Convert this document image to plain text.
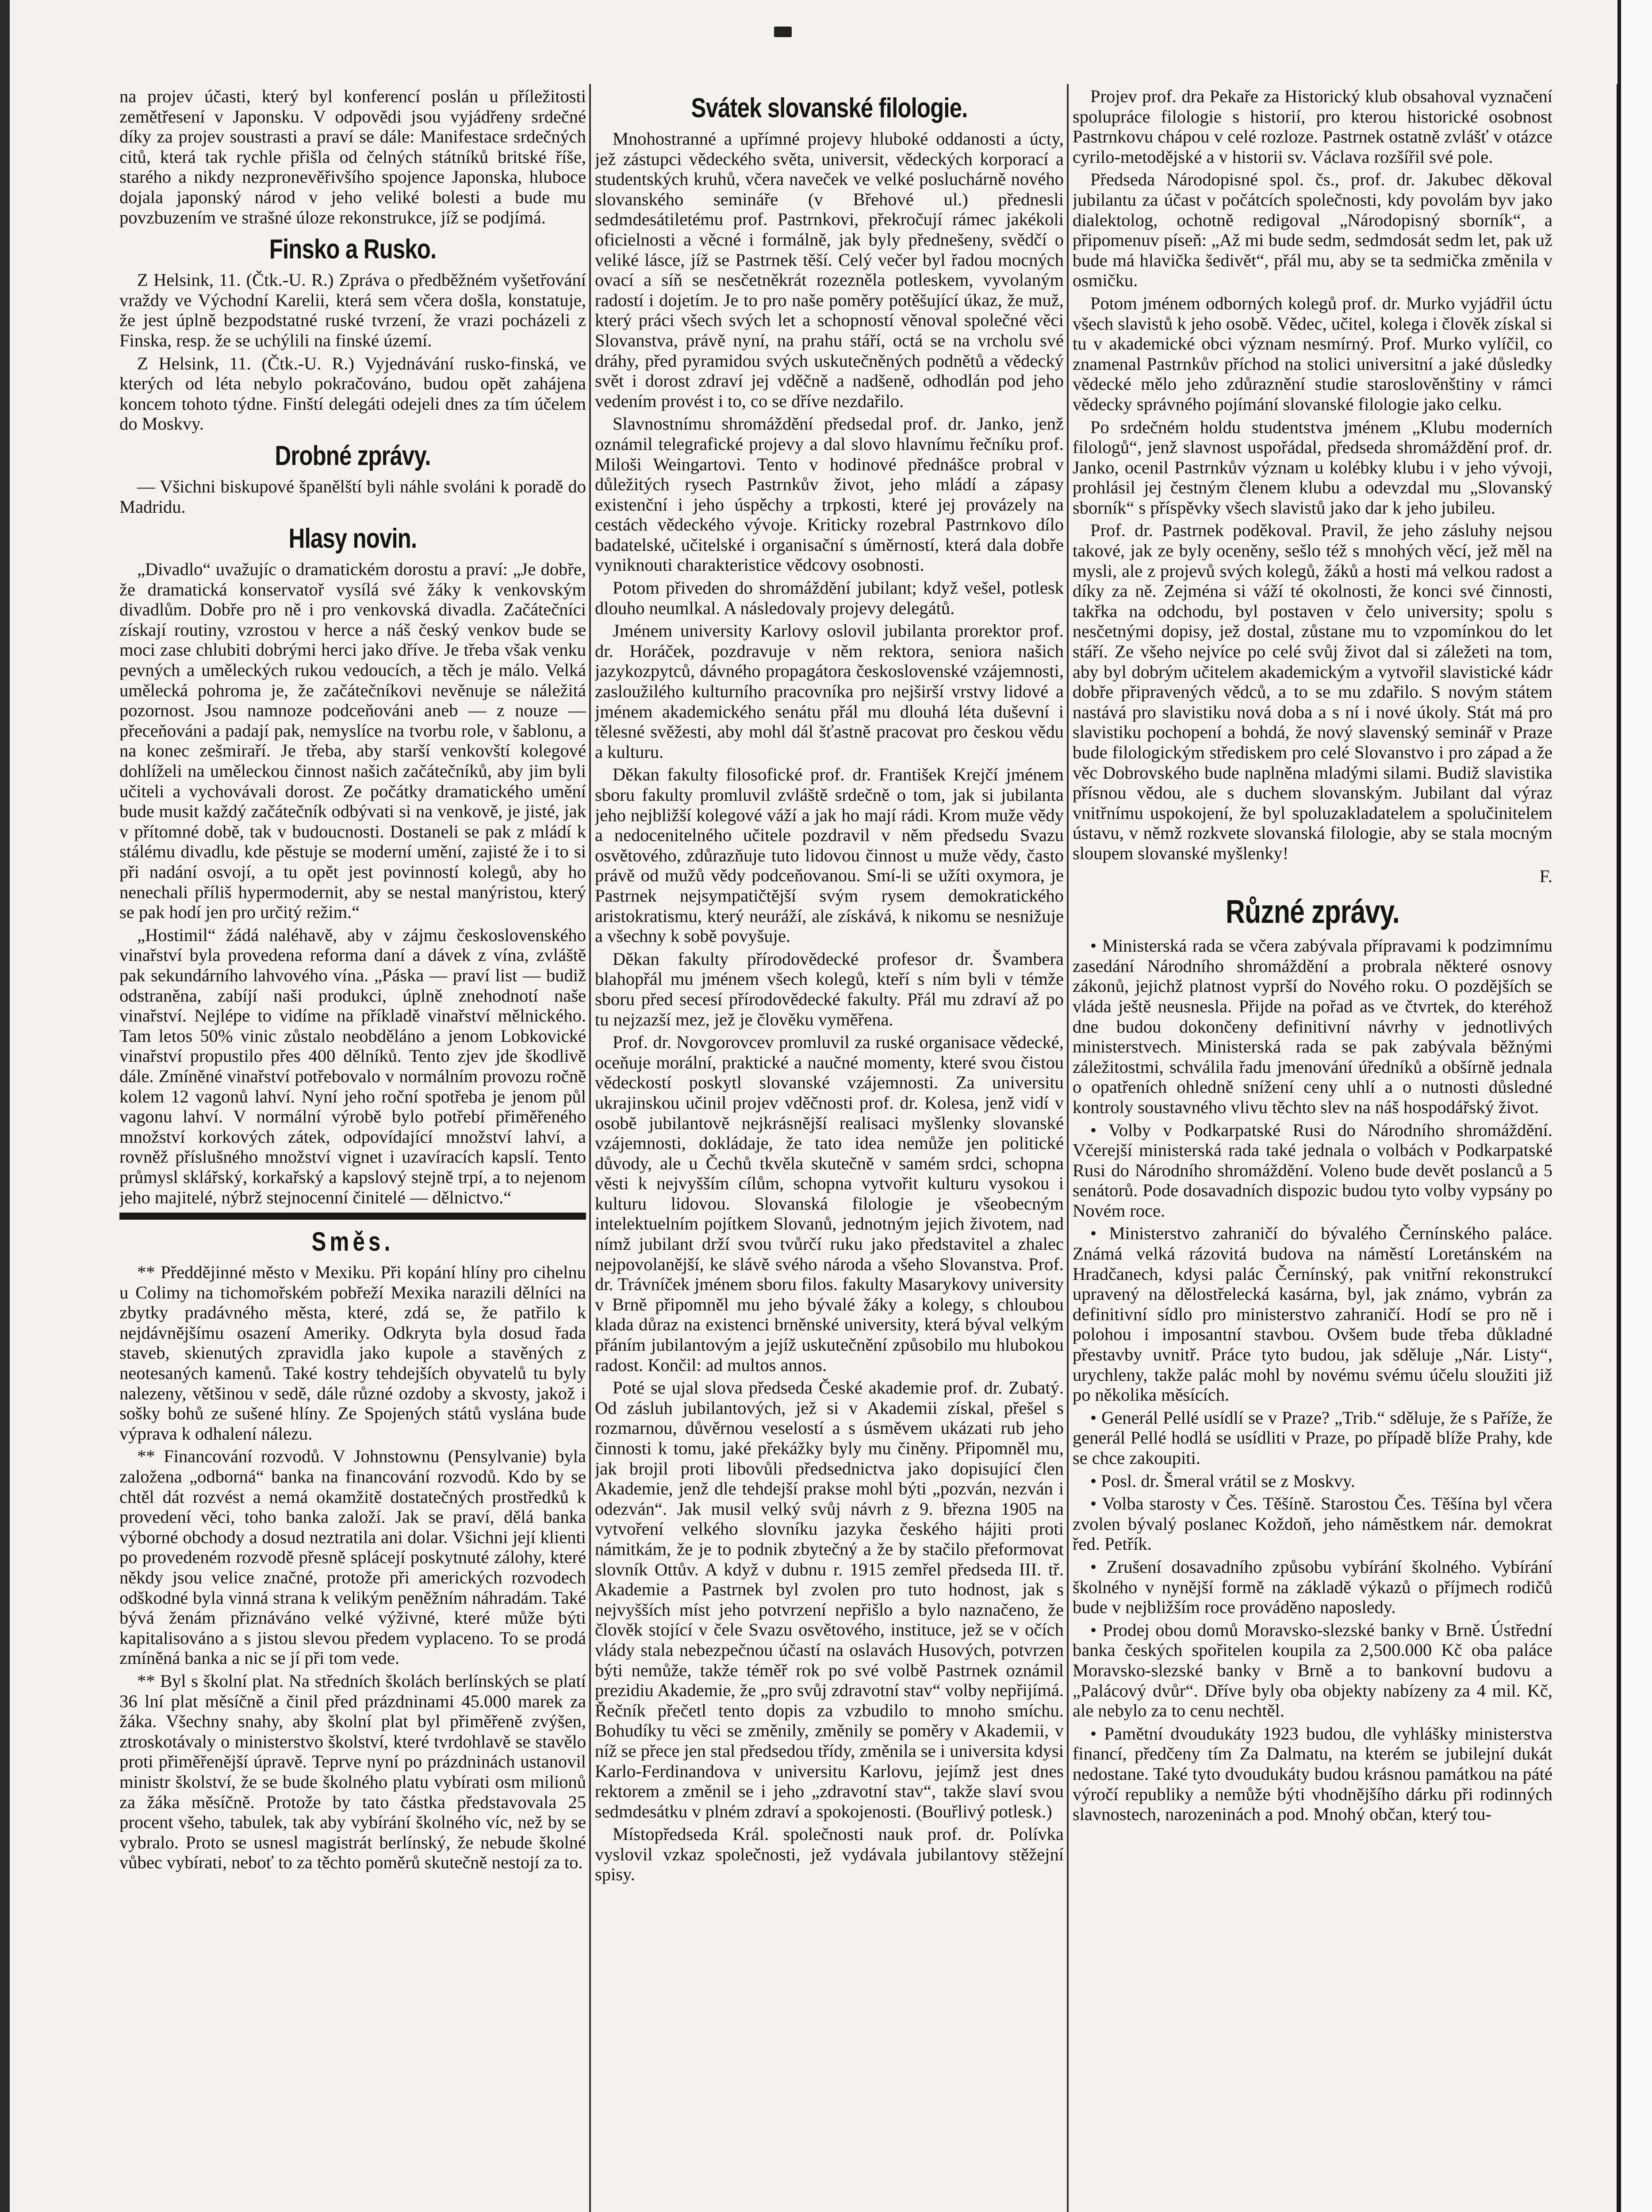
na projev účasti, který byl konferencí poslán u příležitosti zemětřesení v Japonsku. V odpovědi jsou vyjádřeny srdečné díky za projev soustrasti a praví se dále: Manifestace srdečných citů, která tak rychle přišla od čelných státníků britské říše, starého a nikdy nezpronevěřivšího spojence Japonska, hluboce dojala japonský národ v jeho veliké bolesti a bude mu povzbuzením ve strašné úloze rekonstrukce, jíž se podjímá.

Finsko a Rusko.

Z Helsink, 11. (Čtk.-U. R.) Zpráva o předběžném vyšetřování vraždy ve Východní Karelii, která sem včera došla, konstatuje, že jest úplně bezpodstatné ruské tvrzení, že vrazi pocházeli z Finska, resp. že se uchýlili na finské území.

Z Helsink, 11. (Čtk.-U. R.) Vyjednávání rusko-finská, ve kterých od léta nebylo pokračováno, budou opět zahájena koncem tohoto týdne. Finští delegáti odejeli dnes za tím účelem do Moskvy.

Drobné zprávy.

— Všichni biskupové španělští byli náhle svoláni k poradě do Madridu.

Hlasy novin.

„Divadlo“ uvažujíc o dramatickém dorostu a praví: „Je dobře, že dramatická konservatoř vysílá své žáky k venkovským divadlům. Dobře pro ně i pro venkovská divadla. Začátečníci získají routiny, vzrostou v herce a náš český venkov bude se moci zase chlubiti dobrými herci jako dříve. Je třeba však venku pevných a uměleckých rukou vedoucích, a těch je málo. Velká umělecká pohroma je, že začátečníkovi nevěnuje se náležitá pozornost. Jsou namnoze podceňováni aneb — z nouze — přeceňováni a padají pak, nemyslíce na tvorbu role, v šablonu, a na konec zešmiraří. Je třeba, aby starší venkovští kolegové dohlíželi na uměleckou činnost našich začátečníků, aby jim byli učiteli a vychovávali dorost. Ze počátky dramatického umění bude musit každý začátečník odbývati si na venkově, je jisté, jak v přítomné době, tak v budoucnosti. Dostaneli se pak z mládí k stálému divadlu, kde pěstuje se moderní umění, zajisté že i to si při nadání osvojí, a tu opět jest povinností kolegů, aby ho nenechali příliš hypermodernit, aby se nestal manýristou, který se pak hodí jen pro určitý režim.“

„Hostimil“ žádá naléhavě, aby v zájmu československého vinařství byla provedena reforma daní a dávek z vína, zvláště pak sekundárního lahvového vína. „Páska — praví list — budiž odstraněna, zabíjí naši produkci, úplně znehodnotí naše vinařství. Nejlépe to vidíme na příkladě vinařství mělnického. Tam letos 50% vinic zůstalo neobděláno a jenom Lobkovické vinařství propustilo přes 400 dělníků. Tento zjev jde škodlivě dále. Zmíněné vinařství potřebovalo v normálním provozu ročně kolem 12 vagonů lahví. Nyní jeho roční spotřeba je jenom půl vagonu lahví. V normální výrobě bylo potřebí přiměřeného množství korkových zátek, odpovídající množství lahví, a rovněž příslušného množství vignet i uzavíracích kapslí. Tento průmysl sklářský, korkařský a kapslový stejně trpí, a to nejenom jeho majitelé, nýbrž stejnocenní činitelé — dělnictvo.“

Směs.

** Předdějinné město v Mexiku. Při kopání hlíny pro cihelnu u Colimy na tichomořském pobřeží Mexika narazili dělníci na zbytky pradávného města, které, zdá se, že patřilo k nejdávnějšímu osazení Ameriky. Odkryta byla dosud řada staveb, skienutých zpravidla jako kupole a stavěných z neotesaných kamenů. Také kostry tehdejších obyvatelů tu byly nalezeny, většinou v sedě, dále různé ozdoby a skvosty, jakož i sošky bohů ze sušené hlíny. Ze Spojených států vyslána bude výprava k odhalení nálezu.

** Financování rozvodů. V Johnstownu (Pensylvanie) byla založena „odborná“ banka na financování rozvodů. Kdo by se chtěl dát rozvést a nemá okamžitě dostatečných prostředků k provedení věci, toho banka založí. Jak se praví, dělá banka výborné obchody a dosud neztratila ani dolar. Všichni její klienti po provedeném rozvodě přesně splácejí poskytnuté zálohy, které někdy jsou velice značné, protože při amerických rozvodech odškodné byla vinná strana k velikým peněžním náhradám. Také bývá ženám přiznáváno velké výživné, které může býti kapitalisováno a s jistou slevou předem vyplaceno. To se prodá zmíněná banka a nic se jí při tom vede.

** Byl s školní plat. Na středních školách berlínských se platí 36 lní plat měsíčně a činil před prázdninami 45.000 marek za žáka. Všechny snahy, aby školní plat byl přiměřeně zvýšen, ztroskotávaly o ministerstvo školství, které tvrdohlavě se stavělo proti přiměřenější úpravě. Teprve nyní po prázdninách ustanovil ministr školství, že se bude školného platu vybírati osm milionů za žáka měsíčně. Protože by tato částka představovala 25 procent všeho, tabulek, tak aby vybírání školného víc, než by se vybralo. Proto se usnesl magistrát berlínský, že nebude školné vůbec vybírati, neboť to za těchto poměrů skutečně nestojí za to.

Svátek slovanské filologie.

Mnohostranné a upřímné projevy hluboké oddanosti a úcty, jež zástupci vědeckého světa, universit, vědeckých korporací a studentských kruhů, včera naveček ve velké posluchárně nového slovanského semináře (v Břehové ul.) přednesli sedmdesátiletému prof. Pastrnkovi, překročují rámec jakékoli oficielnosti a věcné i formálně, jak byly přednešeny, svědčí o veliké lásce, jíž se Pastrnek těší. Celý večer byl řadou mocných ovací a síň se nesčetněkrát rozezněla potleskem, vyvolaným radostí i dojetím. Je to pro naše poměry potěšující úkaz, že muž, který práci všech svých let a schopností věnoval společné věci Slovanstva, právě nyní, na prahu stáří, octá se na vrcholu své dráhy, před pyramidou svých uskutečněných podnětů a vědecký svět i dorost zdraví jej vděčně a nadšeně, odhodlán pod jeho vedením provést i to, co se dříve nezdařilo.

Slavnostnímu shromáždění předsedal prof. dr. Janko, jenž oznámil telegrafické projevy a dal slovo hlavnímu řečníku prof. Miloši Weingartovi. Tento v hodinové přednášce probral v důležitých rysech Pastrnkův život, jeho mládí a zápasy existenční i jeho úspěchy a trpkosti, které jej provázely na cestách vědeckého vývoje. Kriticky rozebral Pastrnkovo dílo badatelské, učitelské i organisační s úměrností, která dala dobře vyniknouti charakteristice vědcovy osobnosti.

Potom přiveden do shromáždění jubilant; když vešel, potlesk dlouho neumlkal. A následovaly projevy delegátů.

Jménem university Karlovy oslovil jubilanta prorektor prof. dr. Horáček, pozdravuje v něm rektora, seniora našich jazykozpytců, dávného propagátora československé vzájemnosti, zasloužilého kulturního pracovníka pro nejširší vrstvy lidové a jménem akademického senátu přál mu dlouhá léta duševní i tělesné svěžesti, aby mohl dál šťastně pracovat pro českou vědu a kulturu.

Děkan fakulty filosofické prof. dr. František Krejčí jménem sboru fakulty promluvil zvláště srdečně o tom, jak si jubilanta jeho nejbližší kolegové váží a jak ho mají rádi. Krom muže vědy a nedocenitelného učitele pozdravil v něm předsedu Svazu osvětového, zdůrazňuje tuto lidovou činnost u muže vědy, často právě od mužů vědy podceňovanou. Smí-li se užíti oxymora, je Pastrnek nejsympatičtější svým rysem demokratického aristokratismu, který neuráží, ale získává, k nikomu se nesnižuje a všechny k sobě povyšuje.

Děkan fakulty přírodovědecké profesor dr. Švambera blahopřál mu jménem všech kolegů, kteří s ním byli v témže sboru před secesí přírodovědecké fakulty. Přál mu zdraví až po tu nejzazší mez, jež je člověku vyměřena.

Prof. dr. Novgorovcev promluvil za ruské organisace vědecké, oceňuje morální, praktické a naučné momenty, které svou čistou vědeckostí poskytl slovanské vzájemnosti. Za universitu ukrajinskou učinil projev vděčnosti prof. dr. Kolesa, jenž vidí v osobě jubilantově nejkrásnější realisaci myšlenky slovanské vzájemnosti, dokládaje, že tato idea nemůže jen politické důvody, ale u Čechů tkvěla skutečně v samém srdci, schopna věsti k nejvyšším cílům, schopna vytvořit kulturu vysokou i kulturu lidovou. Slovanská filologie je všeobecným intelektuelním pojítkem Slovanů, jednotným jejich životem, nad nímž jubilant drží svou tvůrčí ruku jako představitel a zhalec nejpovolanější, ke slávě svého národa a všeho Slovanstva. Prof. dr. Trávníček jménem sboru filos. fakulty Masarykovy university v Brně připomněl mu jeho bývalé žáky a kolegy, s chloubou klada důraz na existenci brněnské university, která býval velkým přáním jubilantovým a jejíž uskutečnění způsobilo mu hlubokou radost. Končil: ad multos annos.

Poté se ujal slova předseda České akademie prof. dr. Zubatý. Od zásluh jubilantových, jež si v Akademii získal, přešel s rozmarnou, důvěrnou veselostí a s úsměvem ukázati rub jeho činnosti k tomu, jaké překážky byly mu činěny. Připomněl mu, jak brojil proti libovůli předsednictva jako dopisující člen Akademie, jenž dle tehdejší prakse mohl býti „pozván, nezván i odezván“. Jak musil velký svůj návrh z 9. března 1905 na vytvoření velkého slovníku jazyka českého hájiti proti námitkám, že je to podnik zbytečný a že by stačilo přeformovat slovník Ottův. A když v dubnu r. 1915 zemřel předseda III. tř. Akademie a Pastrnek byl zvolen pro tuto hodnost, jak s nejvyšších míst jeho potvrzení nepřišlo a bylo naznačeno, že člověk stojící v čele Svazu osvětového, instituce, jež se v očích vlády stala nebezpečnou účastí na oslavách Husových, potvrzen býti nemůže, takže téměř rok po své volbě Pastrnek oznámil prezidiu Akademie, že „pro svůj zdravotní stav“ volby nepřijímá. Řečník přečetl tento dopis za vzbudilo to mnoho smíchu. Bohudíky tu věci se změnily, změnily se poměry v Akademii, v níž se přece jen stal předsedou třídy, změnila se i universita kdysi Karlo-Ferdinandova v universitu Karlovu, jejímž jest dnes rektorem a změnil se i jeho „zdravotní stav“, takže slaví svou sedmdesátku v plném zdraví a spokojenosti. (Bouřlivý potlesk.)

Místopředseda Král. společnosti nauk prof. dr. Polívka vyslovil vzkaz společnosti, jež vydávala jubilantovy stěžejní spisy.

Projev prof. dra Pekaře za Historický klub obsahoval vyznačení spolupráce filologie s historií, pro kterou historické osobnost Pastrnkovu chápou v celé rozloze. Pastrnek ostatně zvlášť v otázce cyrilo-metodějské a v historii sv. Václava rozšířil své pole.

Předseda Národopisné spol. čs., prof. dr. Jakubec děkoval jubilantu za účast v počátcích společnosti, kdy povolám byv jako dialektolog, ochotně redigoval „Národopisný sborník“, a připomenuv píseň: „Až mi bude sedm, sedmdosát sedm let, pak už bude má hlavička šedivět“, přál mu, aby se ta sedmička změnila v osmičku.

Potom jménem odborných kolegů prof. dr. Murko vyjádřil úctu všech slavistů k jeho osobě. Vědec, učitel, kolega i člověk získal si tu v akademické obci význam nesmírný. Prof. Murko vylíčil, co znamenal Pastrnkův příchod na stolici universitní a jaké důsledky vědecké mělo jeho zdůraznění studie staroslověnštiny v rámci vědecky správného pojímání slovanské filologie jako celku.

Po srdečném holdu studentstva jménem „Klubu moderních filologů“, jenž slavnost uspořádal, předseda shromáždění prof. dr. Janko, ocenil Pastrnkův význam u kolébky klubu i v jeho vývoji, prohlásil jej čestným členem klubu a odevzdal mu „Slovanský sborník“ s příspěvky všech slavistů jako dar k jeho jubileu.

Prof. dr. Pastrnek poděkoval. Pravil, že jeho zásluhy nejsou takové, jak ze byly oceněny, sešlo též s mnohých věcí, jež měl na mysli, ale z projevů svých kolegů, žáků a hosti má velkou radost a díky za ně. Zejména si váží té okolnosti, že konci své činnosti, takřka na odchodu, byl postaven v čelo university; spolu s nesčetnými dopisy, jež dostal, zůstane mu to vzpomínkou do let stáří. Ze všeho nejvíce po celé svůj život dal si záležeti na tom, aby byl dobrým učitelem akademickým a vytvořil slavistické kádr dobře připravených vědců, a to se mu zdařilo. S novým státem nastává pro slavistiku nová doba a s ní i nové úkoly. Stát má pro slavistiku pochopení a bohdá, že nový slavenský seminář v Praze bude filologickým střediskem pro celé Slovanstvo i pro západ a že věc Dobrovského bude naplněna mladými silami. Budiž slavistika přísnou vědou, ale s duchem slovanským. Jubilant dal výraz vnitřnímu uspokojení, že byl spoluzakladatelem a spolučinitelem ústavu, v němž rozkvete slovanská filologie, aby se stala mocným sloupem slovanské myšlenky!

F.

Různé zprávy.

• Ministerská rada se včera zabývala přípravami k podzimnímu zasedání Národního shromáždění a probrala některé osnovy zákonů, jejichž platnost vyprší do Nového roku. O pozdějších se vláda ještě neusnesla. Přijde na pořad as ve čtvrtek, do kteréhož dne budou dokončeny definitivní návrhy v jednotlivých ministerstvech. Ministerská rada se pak zabývala běžnými záležitostmi, schválila řadu jmenování úředníků a obšírně jednala o opatřeních ohledně snížení ceny uhlí a o nutnosti důsledné kontroly soustavného vlivu těchto slev na náš hospodářský život.

• Volby v Podkarpatské Rusi do Národního shromáždění. Včerejší ministerská rada také jednala o volbách v Podkarpatské Rusi do Národního shromáždění. Voleno bude devět poslanců a 5 senátorů. Pode dosavadních dispozic budou tyto volby vypsány po Novém roce.

• Ministerstvo zahraničí do bývalého Černínského paláce. Známá velká rázovitá budova na náměstí Loretánském na Hradčanech, kdysi palác Černínský, pak vnitřní rekonstrukcí upravený na dělostřelecká kasárna, byl, jak známo, vybrán za definitivní sídlo pro ministerstvo zahraničí. Hodí se pro ně i polohou i imposantní stavbou. Ovšem bude třeba důkladné přestavby uvnitř. Práce tyto budou, jak sděluje „Nár. Listy“, urychleny, takže palác mohl by novému svému účelu sloužiti již po několika měsících.

• Generál Pellé usídlí se v Praze? „Trib.“ sděluje, že s Paříže, že generál Pellé hodlá se usídliti v Praze, po případě blíže Prahy, kde se chce zakoupiti.

• Posl. dr. Šmeral vrátil se z Moskvy.

• Volba starosty v Čes. Těšíně. Starostou Čes. Těšína byl včera zvolen bývalý poslanec Koždoň, jeho náměstkem nár. demokrat řed. Petřík.

• Zrušení dosavadního způsobu vybírání školného. Vybírání školného v nynější formě na základě výkazů o příjmech rodičů bude v nejbližším roce prováděno naposledy.

• Prodej obou domů Moravsko-slezské banky v Brně. Ústřední banka českých spořitelen koupila za 2,500.000 Kč oba paláce Moravsko-slezské banky v Brně a to bankovní budovu a „Palácový dvůr“. Dříve byly oba objekty nabízeny za 4 mil. Kč, ale nebylo za to cenu nechtěl.

• Pamětní dvoudukáty 1923 budou, dle vyhlášky ministerstva financí, předčeny tím Za Dalmatu, na kterém se jubilejní dukát nedostane. Také tyto dvoudukáty budou krásnou památkou na páté výročí republiky a nemůže býti vhodnějšího dárku při rodinných slavnostech, narozeninách a pod. Mnohý občan, který tou-
